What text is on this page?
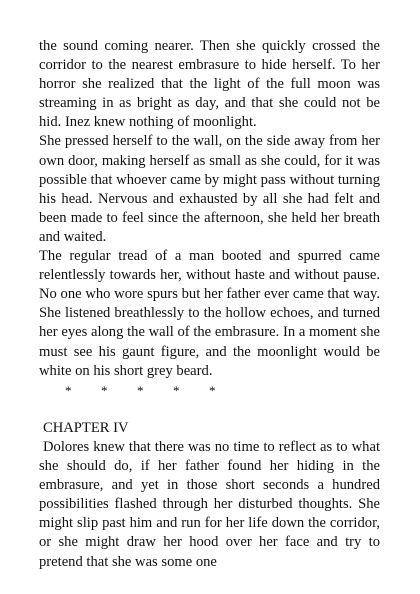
the sound coming nearer. Then she quickly crossed the corridor to the nearest embrasure to hide herself. To her horror she realized that the light of the full moon was streaming in as bright as day, and that she could not be hid. Inez knew nothing of moonlight.

She pressed herself to the wall, on the side away from her own door, making herself as small as she could, for it was possible that whoever came by might pass without turning his head. Nervous and exhausted by all she had felt and been made to feel since the afternoon, she held her breath and waited.

The regular tread of a man booted and spurred came relentlessly towards her, without haste and without pause. No one who wore spurs but her father ever came that way. She listened breathlessly to the hollow echoes, and turned her eyes along the wall of the embrasure. In a moment she must see his gaunt figure, and the moonlight would be white on his short grey beard.

*	*	*	*	*
CHAPTER IV

Dolores knew that there was no time to reflect as to what she should do, if her father found her hiding in the embrasure, and yet in those short seconds a hundred possibilities flashed through her disturbed thoughts. She might slip past him and run for her life down the corridor, or she might draw her hood over her face and try to pretend that she was some one
